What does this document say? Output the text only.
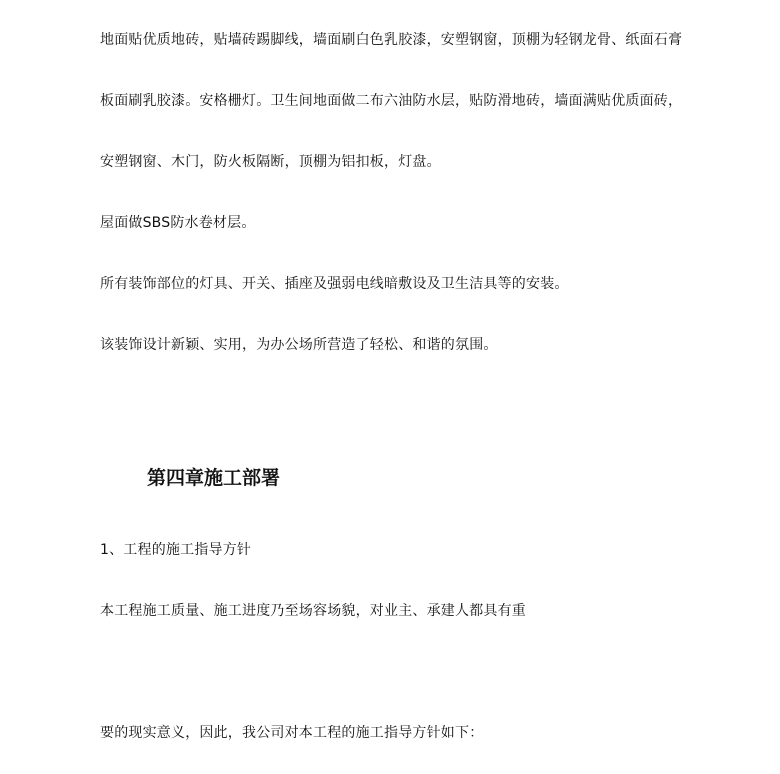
地面贴优质地砖，贴墙砖踢脚线，墙面刷白色乳胶漆，安塑钢窗，顶棚为轻钢龙骨、纸面石膏
板面刷乳胶漆。安格栅灯。卫生间地面做二布六油防水层，贴防滑地砖，墙面满贴优质面砖，
安塑钢窗、木门，防火板隔断，顶棚为铝扣板，灯盘。
屋面做SBS防水卷材层。
所有装饰部位的灯具、开关、插座及强弱电线暗敷设及卫生洁具等的安装。
该装饰设计新颖、实用，为办公场所营造了轻松、和谐的氛围。
第四章施工部署
1、工程的施工指导方针
本工程施工质量、施工进度乃至场容场貌，对业主、承建人都具有重
要的现实意义，因此，我公司对本工程的施工指导方针如下：
